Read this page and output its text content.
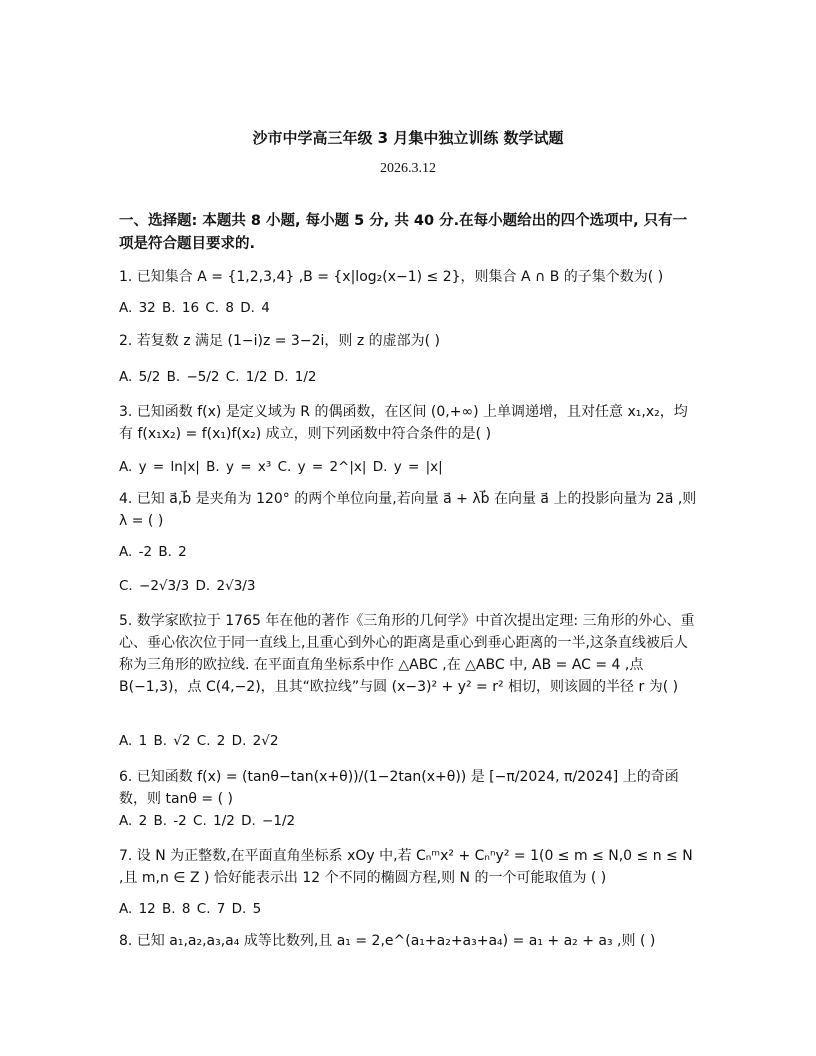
沙市中学高三年级 3 月集中独立训练 数学试题
2026.3.12
一、选择题: 本题共 8 小题, 每小题 5 分, 共 40 分.在每小题给出的四个选项中, 只有一项是符合题目要求的.
1. 已知集合 A = {1,2,3,4} ,B = {x|log₂(x−1) ≤ 2}，则集合 A ∩ B 的子集个数为( )
A. 32 B. 16 C. 8 D. 4
2. 若复数 z 满足 (1−i)z = 3−2i，则 z 的虚部为( )
A. 5/2 B. −5/2 C. 1/2 D. 1/2
3. 已知函数 f(x) 是定义域为 R 的偶函数，在区间 (0,+∞) 上单调递增，且对任意 x₁,x₂，均有 f(x₁x₂) = f(x₁)f(x₂) 成立，则下列函数中符合条件的是( )
A. y = ln|x| B. y = x³ C. y = 2^|x| D. y = |x|
4. 已知 a⃗,b⃗ 是夹角为 120° 的两个单位向量,若向量 a⃗ + λb⃗ 在向量 a⃗ 上的投影向量为 2a⃗ ,则 λ = ( )
A. -2 B. 2
C. −2√3/3 D. 2√3/3
5. 数学家欧拉于 1765 年在他的著作《三角形的几何学》中首次提出定理: 三角形的外心、重心、垂心依次位于同一直线上,且重心到外心的距离是重心到垂心距离的一半,这条直线被后人称为三角形的欧拉线. 在平面直角坐标系中作 △ABC ,在 △ABC 中, AB = AC = 4 ,点 B(−1,3)，点 C(4,−2)，且其“欧拉线”与圆 (x−3)² + y² = r² 相切，则该圆的半径 r 为( )
A. 1 B. √2 C. 2 D. 2√2
6. 已知函数 f(x) = (tanθ−tan(x+θ))/(1−2tan(x+θ)) 是 [−π/2024, π/2024] 上的奇函数，则 tanθ = ( )
A. 2 B. -2 C. 1/2 D. −1/2
7. 设 N 为正整数,在平面直角坐标系 xOy 中,若 Cₙᵐx² + Cₙⁿy² = 1(0 ≤ m ≤ N,0 ≤ n ≤ N ,且 m,n ∈ Z ) 恰好能表示出 12 个不同的椭圆方程,则 N 的一个可能取值为 ( )
A. 12 B. 8 C. 7 D. 5
8. 已知 a₁,a₂,a₃,a₄ 成等比数列,且 a₁ = 2,e^(a₁+a₂+a₃+a₄) = a₁ + a₂ + a₃ ,则 ( )
